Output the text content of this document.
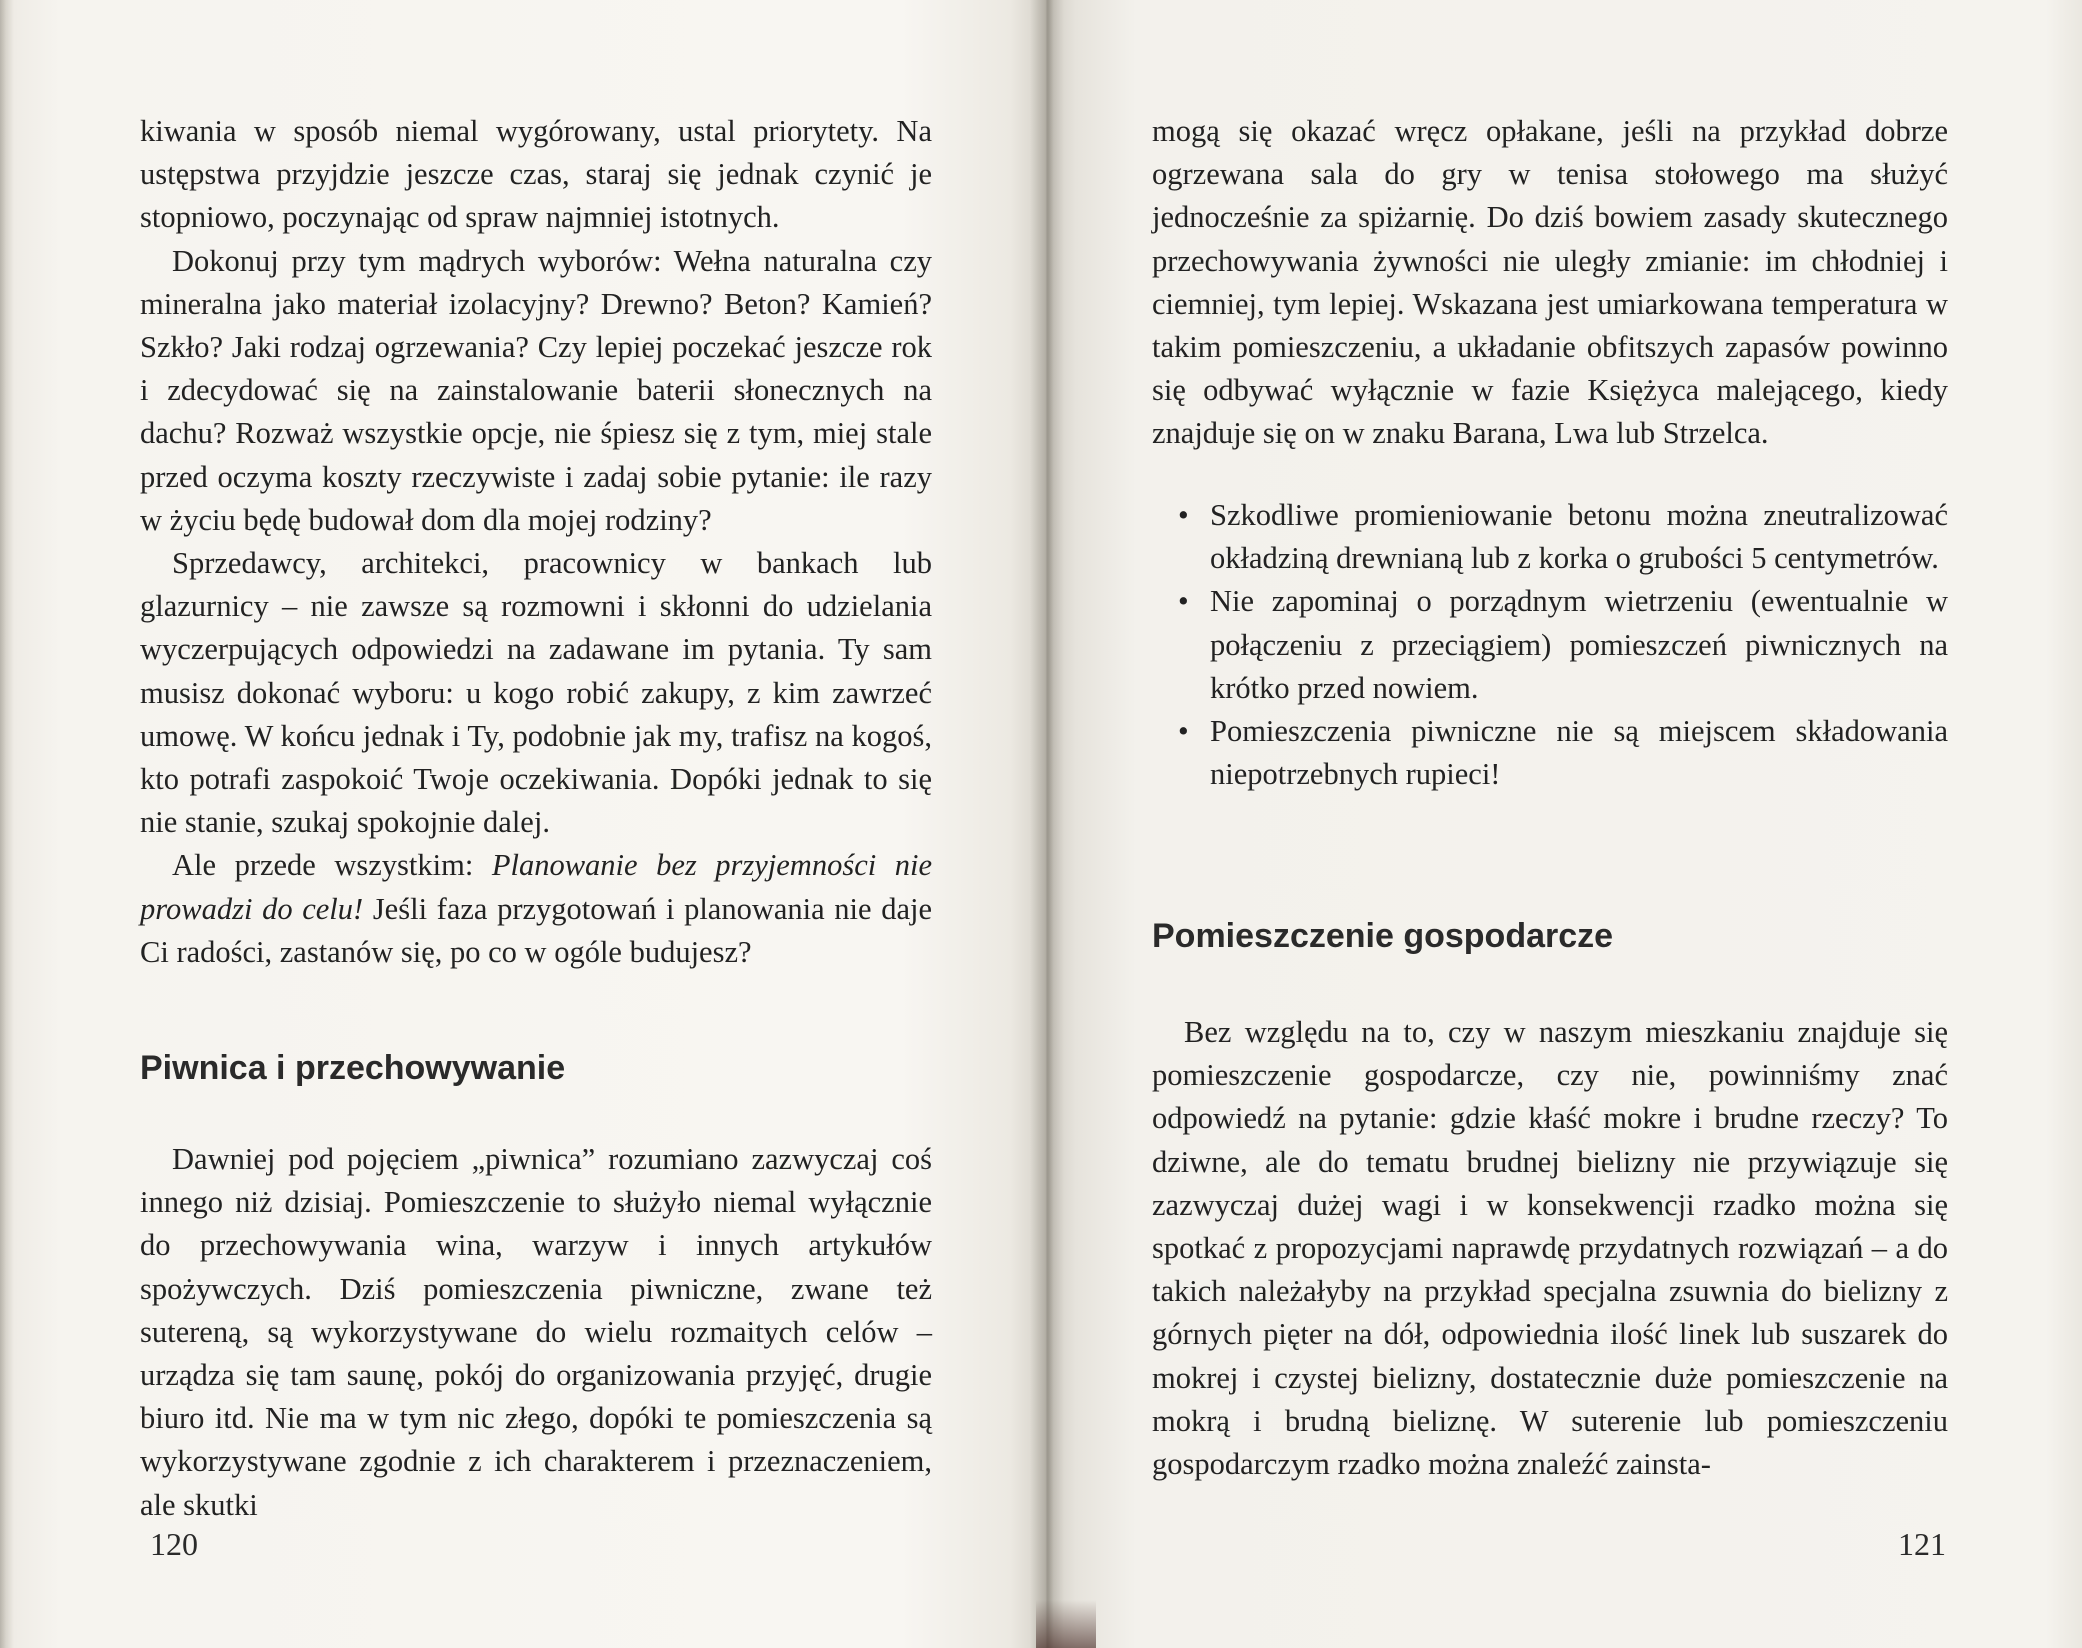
kiwania w sposób niemal wygórowany, ustal priorytety. Na ustępstwa przyjdzie jeszcze czas, staraj się jednak czynić je stopniowo, poczynając od spraw najmniej istotnych.

Dokonuj przy tym mądrych wyborów: Wełna naturalna czy mineralna jako materiał izolacyjny? Drewno? Beton? Kamień? Szkło? Jaki rodzaj ogrzewania? Czy lepiej poczekać jeszcze rok i zdecydować się na zainstalowanie baterii słonecznych na dachu? Rozważ wszystkie opcje, nie śpiesz się z tym, miej stale przed oczyma koszty rzeczywiste i zadaj sobie pytanie: ile razy w życiu będę budował dom dla mojej rodziny?

Sprzedawcy, architekci, pracownicy w bankach lub glazurnicy – nie zawsze są rozmowni i skłonni do udzielania wyczerpujących odpowiedzi na zadawane im pytania. Ty sam musisz dokonać wyboru: u kogo robić zakupy, z kim zawrzeć umowę. W końcu jednak i Ty, podobnie jak my, trafisz na kogoś, kto potrafi zaspokoić Twoje oczekiwania. Dopóki jednak to się nie stanie, szukaj spokojnie dalej.

Ale przede wszystkim: Planowanie bez przyjemności nie prowadzi do celu! Jeśli faza przygotowań i planowania nie daje Ci radości, zastanów się, po co w ogóle budujesz?

Piwnica i przechowywanie

Dawniej pod pojęciem „piwnica” rozumiano zazwyczaj coś innego niż dzisiaj. Pomieszczenie to służyło niemal wyłącznie do przechowywania wina, warzyw i innych artykułów spożywczych. Dziś pomieszczenia piwniczne, zwane też sutereną, są wykorzystywane do wielu rozmaitych celów – urządza się tam saunę, pokój do organizowania przyjęć, drugie biuro itd. Nie ma w tym nic złego, dopóki te pomieszczenia są wykorzystywane zgodnie z ich charakterem i przeznaczeniem, ale skutki

120

mogą się okazać wręcz opłakane, jeśli na przykład dobrze ogrzewana sala do gry w tenisa stołowego ma służyć jednocześnie za spiżarnię. Do dziś bowiem zasady skutecznego przechowywania żywności nie uległy zmianie: im chłodniej i ciemniej, tym lepiej. Wskazana jest umiarkowana temperatura w takim pomieszczeniu, a układanie obfitszych zapasów powinno się odbywać wyłącznie w fazie Księżyca malejącego, kiedy znajduje się on w znaku Barana, Lwa lub Strzelca.

• Szkodliwe promieniowanie betonu można zneutralizować okładziną drewnianą lub z korka o grubości 5 centymetrów.
• Nie zapominaj o porządnym wietrzeniu (ewentualnie w połączeniu z przeciągiem) pomieszczeń piwnicznych na krótko przed nowiem.
• Pomieszczenia piwniczne nie są miejscem składowania niepotrzebnych rupieci!
Pomieszczenie gospodarcze

Bez względu na to, czy w naszym mieszkaniu znajduje się pomieszczenie gospodarcze, czy nie, powinniśmy znać odpowiedź na pytanie: gdzie kłaść mokre i brudne rzeczy? To dziwne, ale do tematu brudnej bielizny nie przywiązuje się zazwyczaj dużej wagi i w konsekwencji rzadko można się spotkać z propozycjami naprawdę przydatnych rozwiązań – a do takich należałyby na przykład specjalna zsuwnia do bielizny z górnych pięter na dół, odpowiednia ilość linek lub suszarek do mokrej i czystej bielizny, dostatecznie duże pomieszczenie na mokrą i brudną bieliznę. W suterenie lub pomieszczeniu gospodarczym rzadko można znaleźć zainsta-

121
